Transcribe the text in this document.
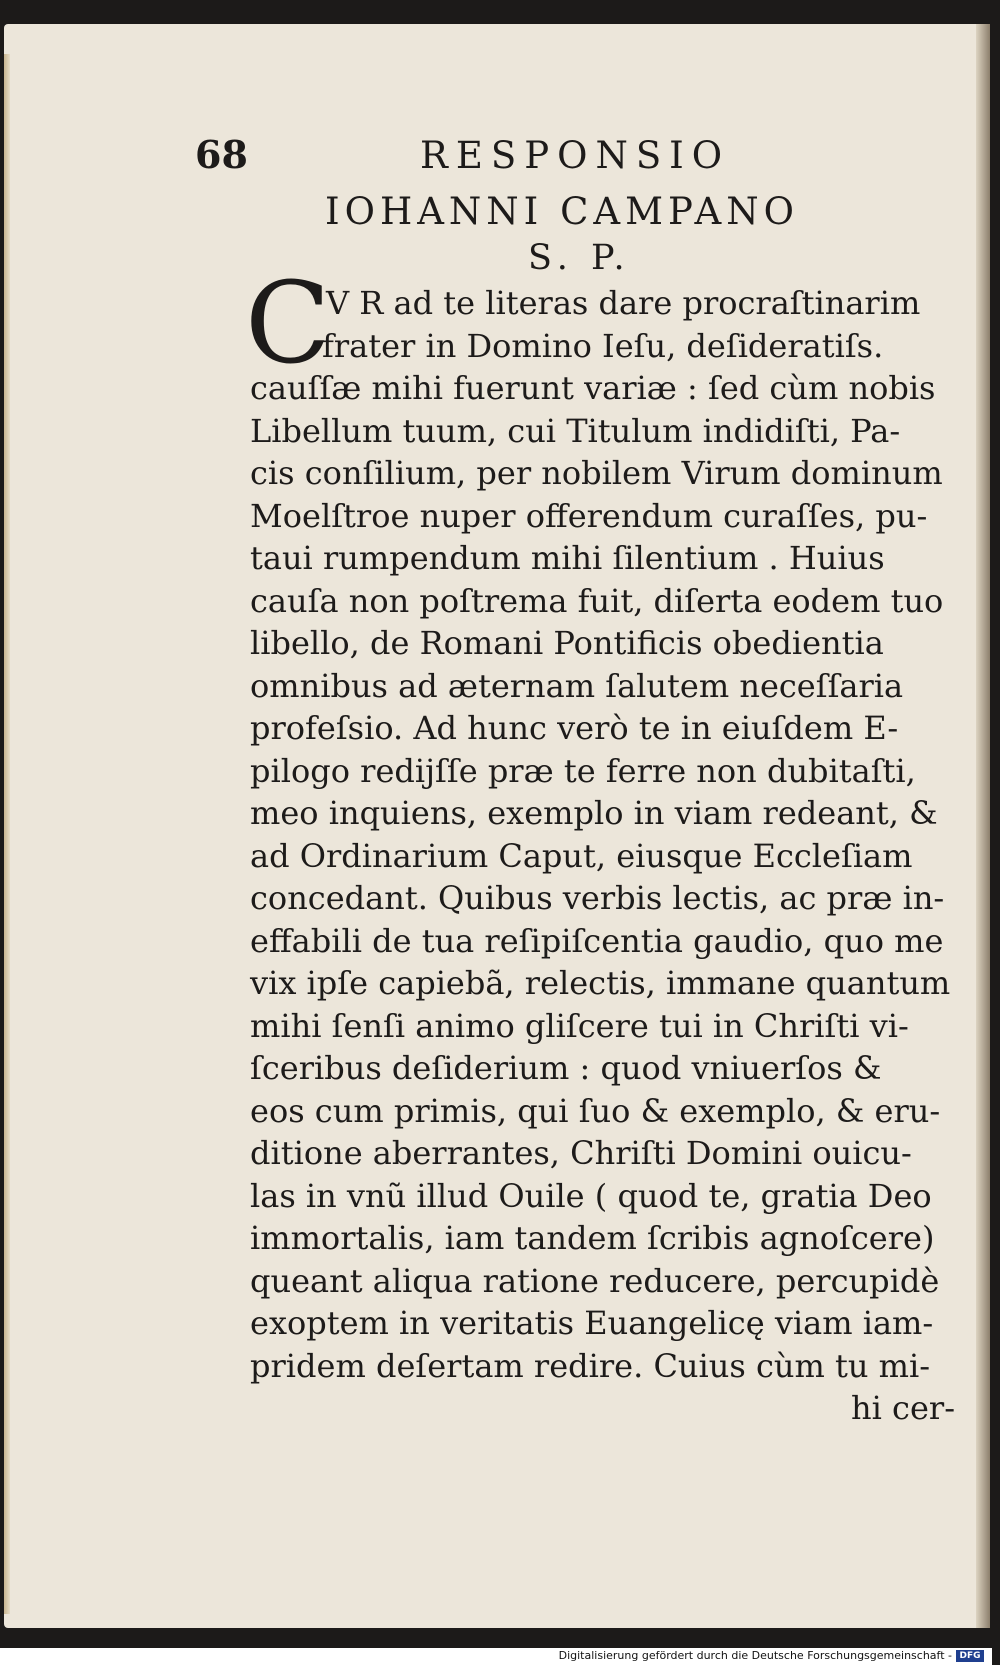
68	RESPONSIO
IOHANNI CAMPANO
S. P.
C
V R ad te literas dare procraſtinarim
frater in Domino Ieſu, deſideratiſs.
cauſſæ mihi fuerunt variæ : ſed cùm nobis
Libellum tuum, cui Titulum indidiſti, Pa-
cis conſilium, per nobilem Virum dominum
Moelſtroe nuper offerendum curaſſes, pu-
taui rumpendum mihi ſilentium . Huius
cauſa non poſtrema fuit, diſerta eodem tuo
libello, de Romani Pontificis obedientia
omnibus ad æternam ſalutem neceſſaria
profeſsio. Ad hunc verò te in eiuſdem E-
pilogo redijſſe præ te ferre non dubitaſti,
meo inquiens, exemplo in viam redeant, &
ad Ordinarium Caput, eiusque Eccleſiam
concedant. Quibus verbis lectis, ac præ in-
effabili de tua reſipiſcentia gaudio, quo me
vix ipſe capiebã, relectis, immane quantum
mihi ſenſi animo gliſcere tui in Chriſti vi-
ſceribus deſiderium : quod vniuerſos &
eos cum primis, qui ſuo & exemplo, & eru-
ditione aberrantes, Chriſti Domini ouicu-
las in vnũ illud Ouile ( quod te, gratia Deo
immortalis, iam tandem ſcribis agnoſcere)
queant aliqua ratione reducere, percupidè
exoptem in veritatis Euangelicę viam iam-
pridem deſertam redire. Cuius cùm tu mi-
hi cer-
Digitalisierung gefördert durch die Deutsche Forschungsgemeinschaft - DFG
